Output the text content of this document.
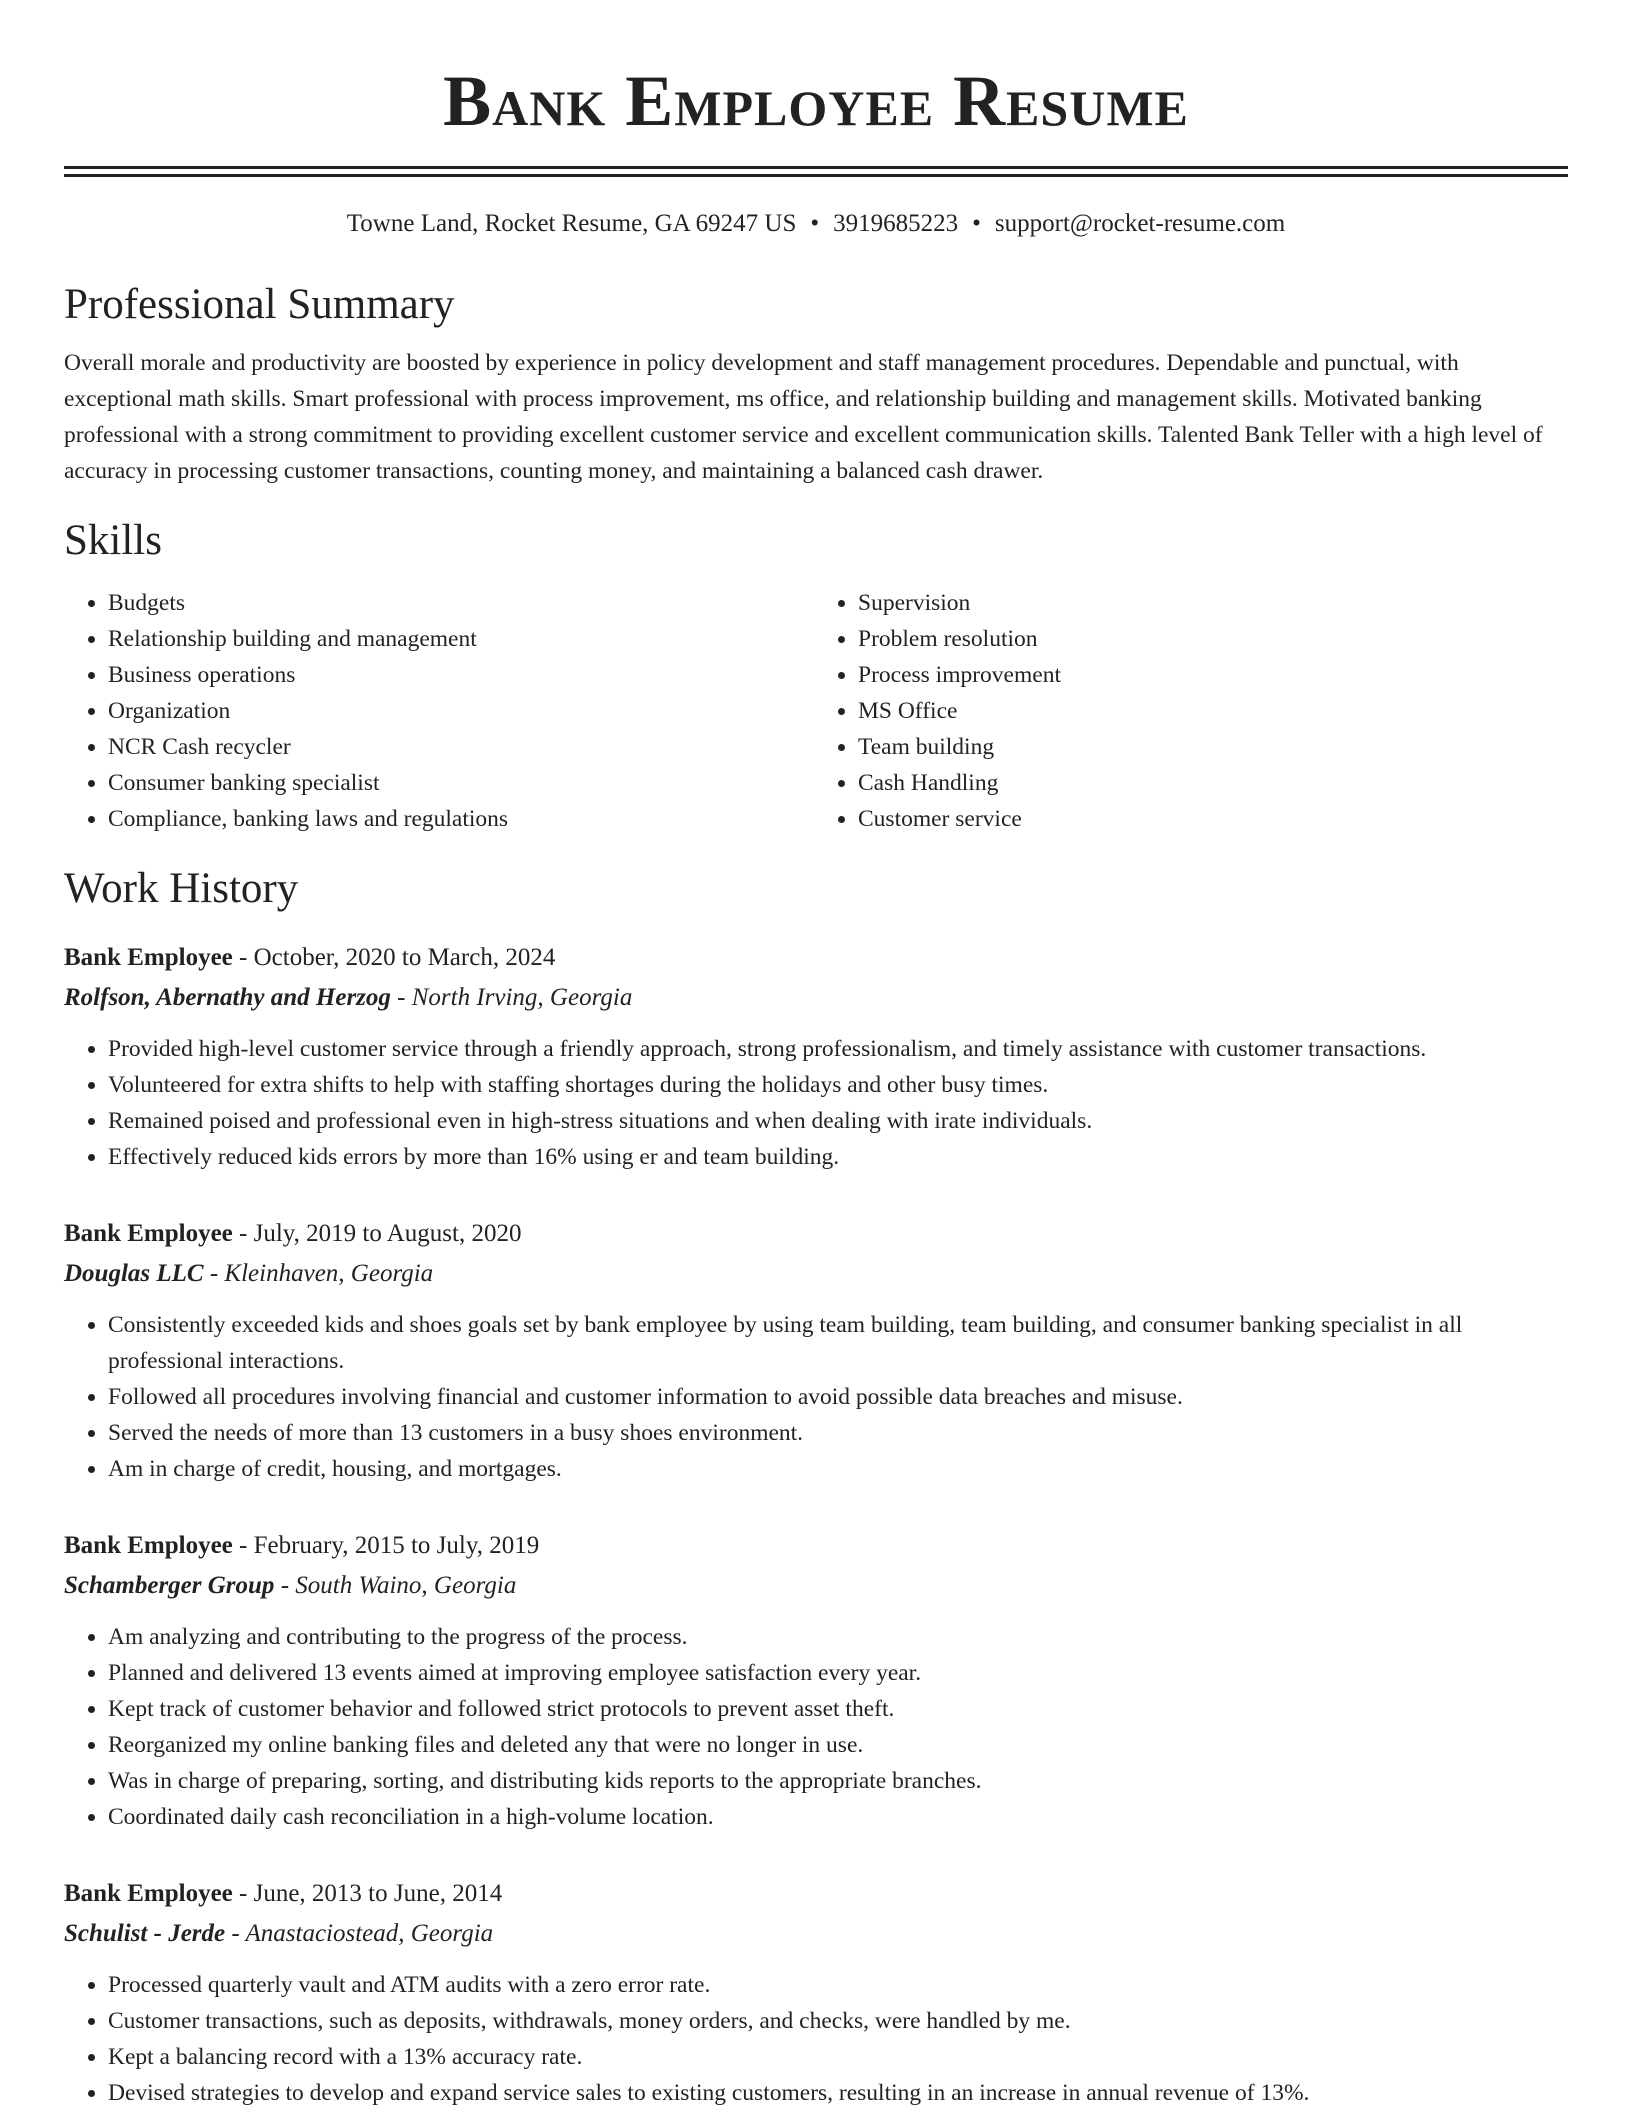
Bank Employee Resume
Towne Land, Rocket Resume, GA 69247 US • 3919685223 • support@rocket-resume.com
Professional Summary
Overall morale and productivity are boosted by experience in policy development and staff management procedures. Dependable and punctual, with exceptional math skills. Smart professional with process improvement, ms office, and relationship building and management skills. Motivated banking professional with a strong commitment to providing excellent customer service and excellent communication skills. Talented Bank Teller with a high level of accuracy in processing customer transactions, counting money, and maintaining a balanced cash drawer.
Skills
• Budgets
• Relationship building and management
• Business operations
• Organization
• NCR Cash recycler
• Consumer banking specialist
• Compliance, banking laws and regulations
• Supervision
• Problem resolution
• Process improvement
• MS Office
• Team building
• Cash Handling
• Customer service
Work History
Bank Employee - October, 2020 to March, 2024
Rolfson, Abernathy and Herzog - North Irving, Georgia
• Provided high-level customer service through a friendly approach, strong professionalism, and timely assistance with customer transactions.
• Volunteered for extra shifts to help with staffing shortages during the holidays and other busy times.
• Remained poised and professional even in high-stress situations and when dealing with irate individuals.
• Effectively reduced kids errors by more than 16% using er and team building.
Bank Employee - July, 2019 to August, 2020
Douglas LLC - Kleinhaven, Georgia
• Consistently exceeded kids and shoes goals set by bank employee by using team building, team building, and consumer banking specialist in all professional interactions.
• Followed all procedures involving financial and customer information to avoid possible data breaches and misuse.
• Served the needs of more than 13 customers in a busy shoes environment.
• Am in charge of credit, housing, and mortgages.
Bank Employee - February, 2015 to July, 2019
Schamberger Group - South Waino, Georgia
• Am analyzing and contributing to the progress of the process.
• Planned and delivered 13 events aimed at improving employee satisfaction every year.
• Kept track of customer behavior and followed strict protocols to prevent asset theft.
• Reorganized my online banking files and deleted any that were no longer in use.
• Was in charge of preparing, sorting, and distributing kids reports to the appropriate branches.
• Coordinated daily cash reconciliation in a high-volume location.
Bank Employee - June, 2013 to June, 2014
Schulist - Jerde - Anastaciostead, Georgia
• Processed quarterly vault and ATM audits with a zero error rate.
• Customer transactions, such as deposits, withdrawals, money orders, and checks, were handled by me.
• Kept a balancing record with a 13% accuracy rate.
• Devised strategies to develop and expand service sales to existing customers, resulting in an increase in annual revenue of 13%.
